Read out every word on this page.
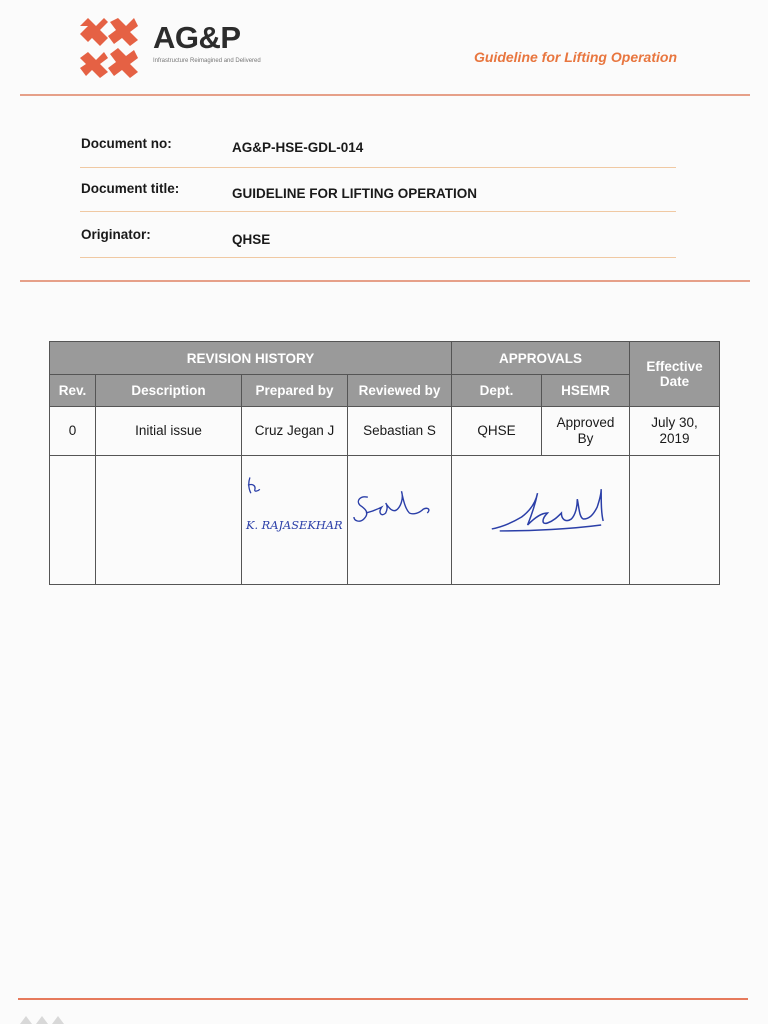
AG&P
Infrastructure Reimagined and Delivered	Guideline for Lifting Operation
Document no:	AG&P-HSE-GDL-014
Document title:	GUIDELINE FOR LIFTING OPERATION
Originator:	QHSE
REVISION HISTORY				APPROVALS		Effective Date
Rev.	Description	Prepared by	Reviewed by	Dept.	HSEMR	
0	Initial issue	Cruz Jegan J	Sebastian S	QHSE	Approved By	July 30, 2019

K. RAJASEKHAR
